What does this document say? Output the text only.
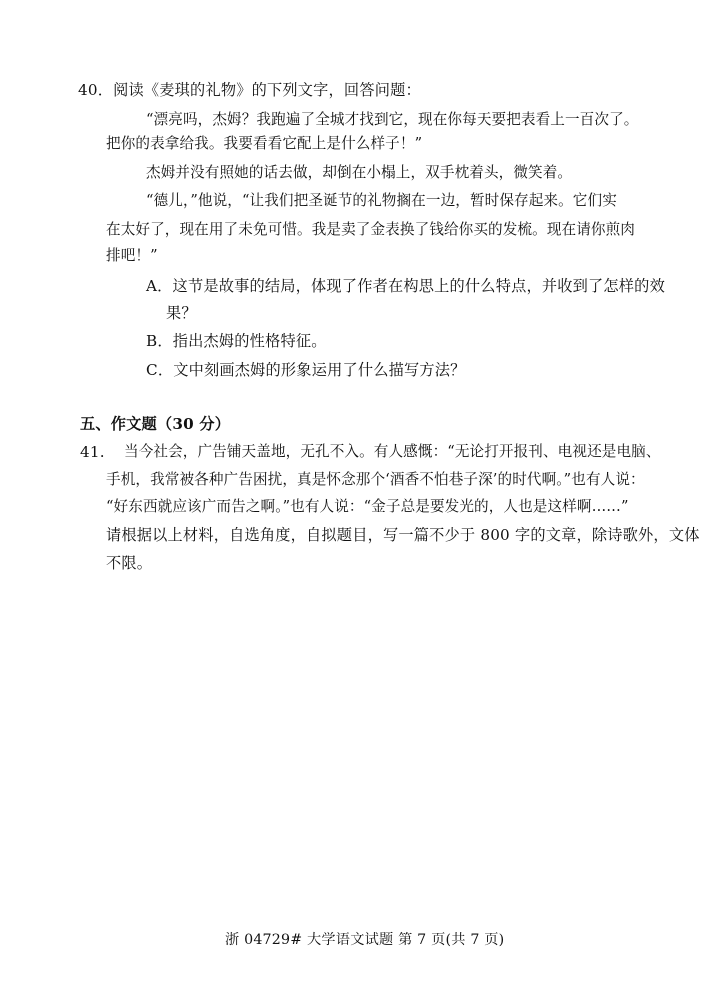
40．阅读《麦琪的礼物》的下列文字，回答问题：
“漂亮吗，杰姆？我跑遍了全城才找到它，现在你每天要把表看上一百次了。
把你的表拿给我。我要看看它配上是什么样子！”
杰姆并没有照她的话去做，却倒在小榻上，双手枕着头，微笑着。
“德儿，”他说，“让我们把圣诞节的礼物搁在一边，暂时保存起来。它们实
在太好了，现在用了未免可惜。我是卖了金表换了钱给你买的发梳。现在请你煎肉
排吧！”
A．这节是故事的结局，体现了作者在构思上的什么特点，并收到了怎样的效
果？
B．指出杰姆的性格特征。
C．文中刻画杰姆的形象运用了什么描写方法？
五、作文题（30 分）
41. 当今社会，广告铺天盖地，无孔不入。有人感慨：“无论打开报刊、电视还是电脑、
手机，我常被各种广告困扰，真是怀念那个‘酒香不怕巷子深’的时代啊。”也有人说：
“好东西就应该广而告之啊。”也有人说：“金子总是要发光的，人也是这样啊……”
请根据以上材料，自选角度，自拟题目，写一篇不少于 800 字的文章，除诗歌外，文体
不限。
浙 04729# 大学语文试题 第 7 页(共 7 页)
